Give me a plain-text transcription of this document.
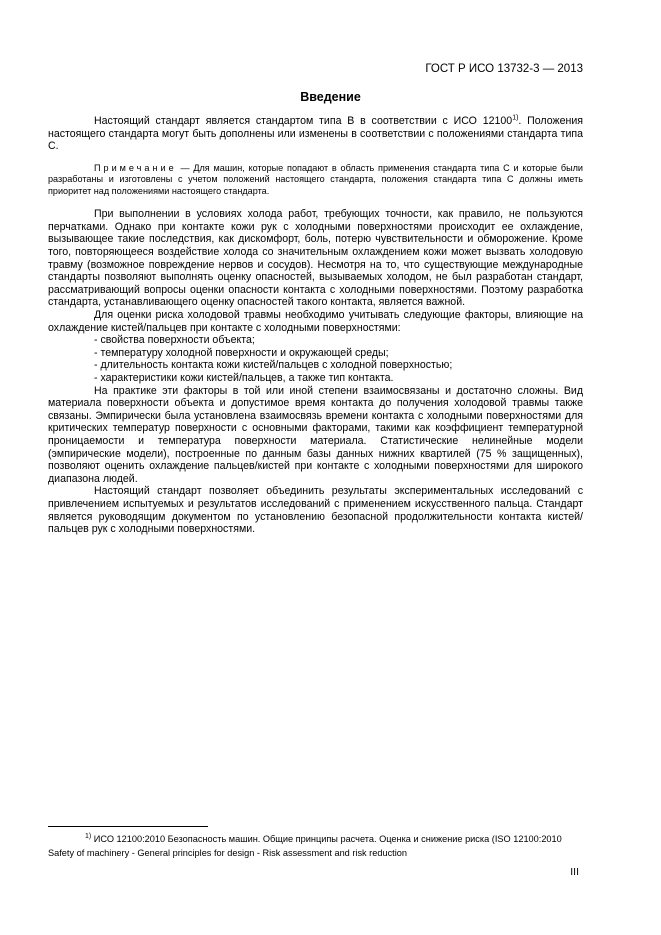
ГОСТ Р ИСО 13732-3 — 2013
Введение

Настоящий стандарт является стандартом типа В в соответствии с ИСО 12100$^{1)}$. Положения настоящего стандарта могут быть дополнены или изменены в соответствии с положениями стандарта типа С.

Примечание — Для машин, которые попадают в область применения стандарта типа С и которые были разработаны и изготовлены с учетом положений настоящего стандарта, положения стандарта типа С должны иметь приоритет над положениями настоящего стандарта.

При выполнении в условиях холода работ, требующих точности, как правило, не пользуются перчатками. Однако при контакте кожи рук с холодными поверхностями происходит ее охлаждение, вызывающее такие последствия, как дискомфорт, боль, потерю чувствительности и обморожение. Кроме того, повторяющееся воздействие холода со значительным охлаждением кожи может вызвать холодовую травму (возможное повреждение нервов и сосудов). Несмотря на то, что существующие международные стандарты позволяют выполнять оценку опасностей, вызываемых холодом, не был разработан стандарт, рассматривающий вопросы оценки опасности контакта с холодными поверхностями. Поэтому разработка стандарта, устанавливающего оценку опасностей такого контакта, является важной.

Для оценки риска холодовой травмы необходимо учитывать следующие факторы, влияющие на охлаждение кистей/пальцев при контакте с холодными поверхностями:

- свойства поверхности объекта;

- температуру холодной поверхности и окружающей среды;

- длительность контакта кожи кистей/пальцев с холодной поверхностью;

- характеристики кожи кистей/пальцев, а также тип контакта.

На практике эти факторы в той или иной степени взаимосвязаны и достаточно сложны. Вид материала поверхности объекта и допустимое время контакта до получения холодовой травмы также связаны. Эмпирически была установлена взаимосвязь времени контакта с холодными поверхностями для критических температур поверхности с основными факторами, такими как коэффициент температурной проницаемости и температура поверхности материала. Статистические нелинейные модели (эмпирические модели), построенные по данным базы данных нижних квартилей (75 % защищенных), позволяют оценить охлаждение пальцев/кистей при контакте с холодными поверхностями для широкого диапазона людей.

Настоящий стандарт позволяет объединить результаты экспериментальных исследований с привлечением испытуемых и результатов исследований с применением искусственного пальца. Стандарт является руководящим документом по установлению безопасной продолжительности контакта кистей/пальцев рук с холодными поверхностями.

$^{1)}$ ИСО 12100:2010 Безопасность машин. Общие принципы расчета. Оценка и снижение риска (ISO 12100:2010 Safety of machinery - General principles for design - Risk assessment and risk reduction

III
